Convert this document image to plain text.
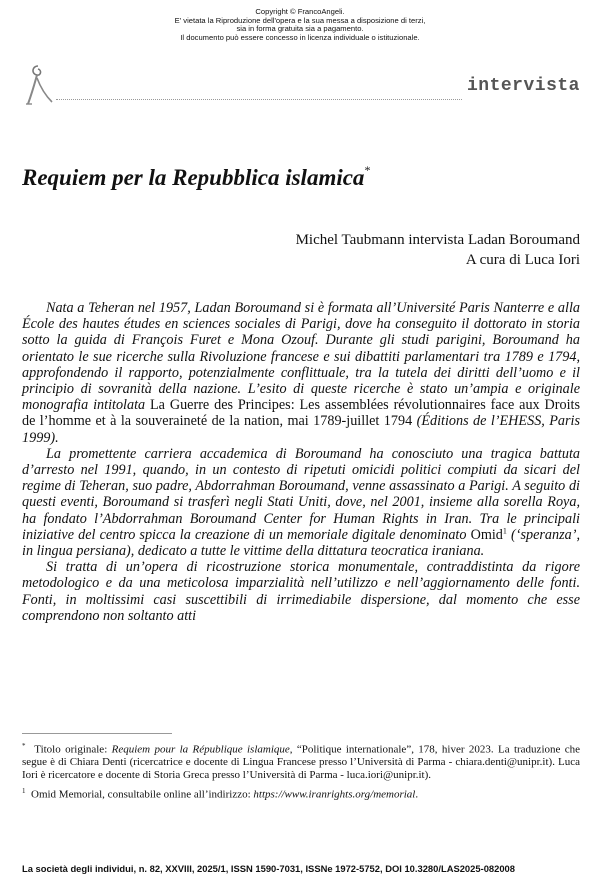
Copyright © FrancoAngeli.
E' vietata la Riproduzione dell'opera e la sua messa a disposizione di terzi,
sia in forma gratuita sia a pagamento.
Il documento può essere concesso in licenza individuale o istituzionale.
intervista
Requiem per la Repubblica islamica*
Michel Taubmann intervista Ladan Boroumand
A cura di Luca Iori

Nata a Teheran nel 1957, Ladan Boroumand si è formata all’Université Paris Nanterre e alla École des hautes études en sciences sociales di Parigi, dove ha conseguito il dottorato in storia sotto la guida di François Furet e Mona Ozouf. Durante gli studi parigini, Boroumand ha orientato le sue ricerche sulla Rivoluzione francese e sui dibattiti parlamentari tra 1789 e 1794, approfondendo il rapporto, potenzialmente conflittuale, tra la tutela dei diritti dell’uomo e il principio di sovranità della nazione. L’esito di queste ricerche è stato un’ampia e originale monografia intitolata La Guerre des Principes: Les assemblées révolutionnaires face aux Droits de l’homme et à la souveraineté de la nation, mai 1789-juillet 1794 (Éditions de l’EHESS, Paris 1999).

La promettente carriera accademica di Boroumand ha conosciuto una tragica battuta d’arresto nel 1991, quando, in un contesto di ripetuti omicidi politici compiuti da sicari del regime di Teheran, suo padre, Abdorrahman Boroumand, venne assassinato a Parigi. A seguito di questi eventi, Boroumand si trasferì negli Stati Uniti, dove, nel 2001, insieme alla sorella Roya, ha fondato l’Abdorrahman Boroumand Center for Human Rights in Iran. Tra le principali iniziative del centro spicca la creazione di un memoriale digitale denominato Omid$^1$ (‘speranza’, in lingua persiana), dedicato a tutte le vittime della dittatura teocratica iraniana.

Si tratta di un’opera di ricostruzione storica monumentale, contraddistinta da rigore metodologico e da una meticolosa imparzialità nell’utilizzo e nell’aggiornamento delle fonti. Fonti, in moltissimi casi suscettibili di irrimediabile dispersione, dal momento che esse comprendono non soltanto atti

* Titolo originale: Requiem pour la République islamique, “Politique internationale”, 178, hiver 2023. La traduzione che segue è di Chiara Denti (ricercatrice e docente di Lingua Francese presso l’Università di Parma - chiara.denti@unipr.it). Luca Iori è ricercatore e docente di Storia Greca presso l’Università di Parma - luca.iori@unipr.it).
$^1$ Omid Memorial, consultabile online all’indirizzo: https://www.iranrights.org/memorial.
La società degli individui, n. 82, XXVIII, 2025/1, ISSN 1590-7031, ISSNe 1972-5752, DOI 10.3280/LAS2025-082008
